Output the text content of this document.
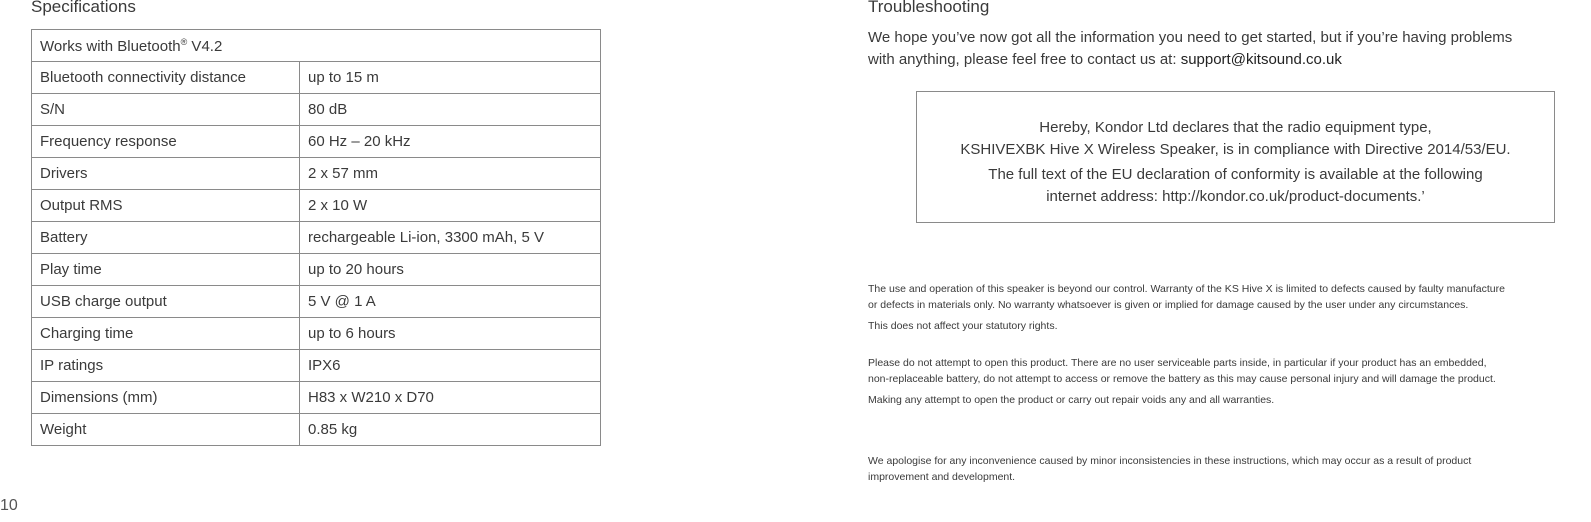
Specifications
Works with Bluetooth® V4.2	
Bluetooth connectivity distance	up to 15 m
S/N	80 dB
Frequency response	60 Hz – 20 kHz
Drivers	2 x 57 mm
Output RMS	2 x 10 W
Battery	rechargeable Li-ion, 3300 mAh, 5 V
Play time	up to 20 hours
USB charge output	5 V @ 1 A
Charging time	up to 6 hours
IP ratings	IPX6
Dimensions (mm)	H83 x W210 x D70
Weight	0.85 kg
10
Troubleshooting
We hope you’ve now got all the information you need to get started, but if you’re having problems
with anything, please feel free to contact us at: support@kitsound.co.uk
Hereby, Kondor Ltd declares that the radio equipment type,
KSHIVEXBK Hive X Wireless Speaker, is in compliance with Directive 2014/53/EU.
The full text of the EU declaration of conformity is available at the following
internet address: http://kondor.co.uk/product-documents.’
The use and operation of this speaker is beyond our control. Warranty of the KS Hive X is limited to defects caused by faulty manufacture
or defects in materials only. No warranty whatsoever is given or implied for damage caused by the user under any circumstances.
This does not affect your statutory rights.
Please do not attempt to open this product. There are no user serviceable parts inside, in particular if your product has an embedded,
non-replaceable battery, do not attempt to access or remove the battery as this may cause personal injury and will damage the product.
Making any attempt to open the product or carry out repair voids any and all warranties.
We apologise for any inconvenience caused by minor inconsistencies in these instructions, which may occur as a result of product
improvement and development.
